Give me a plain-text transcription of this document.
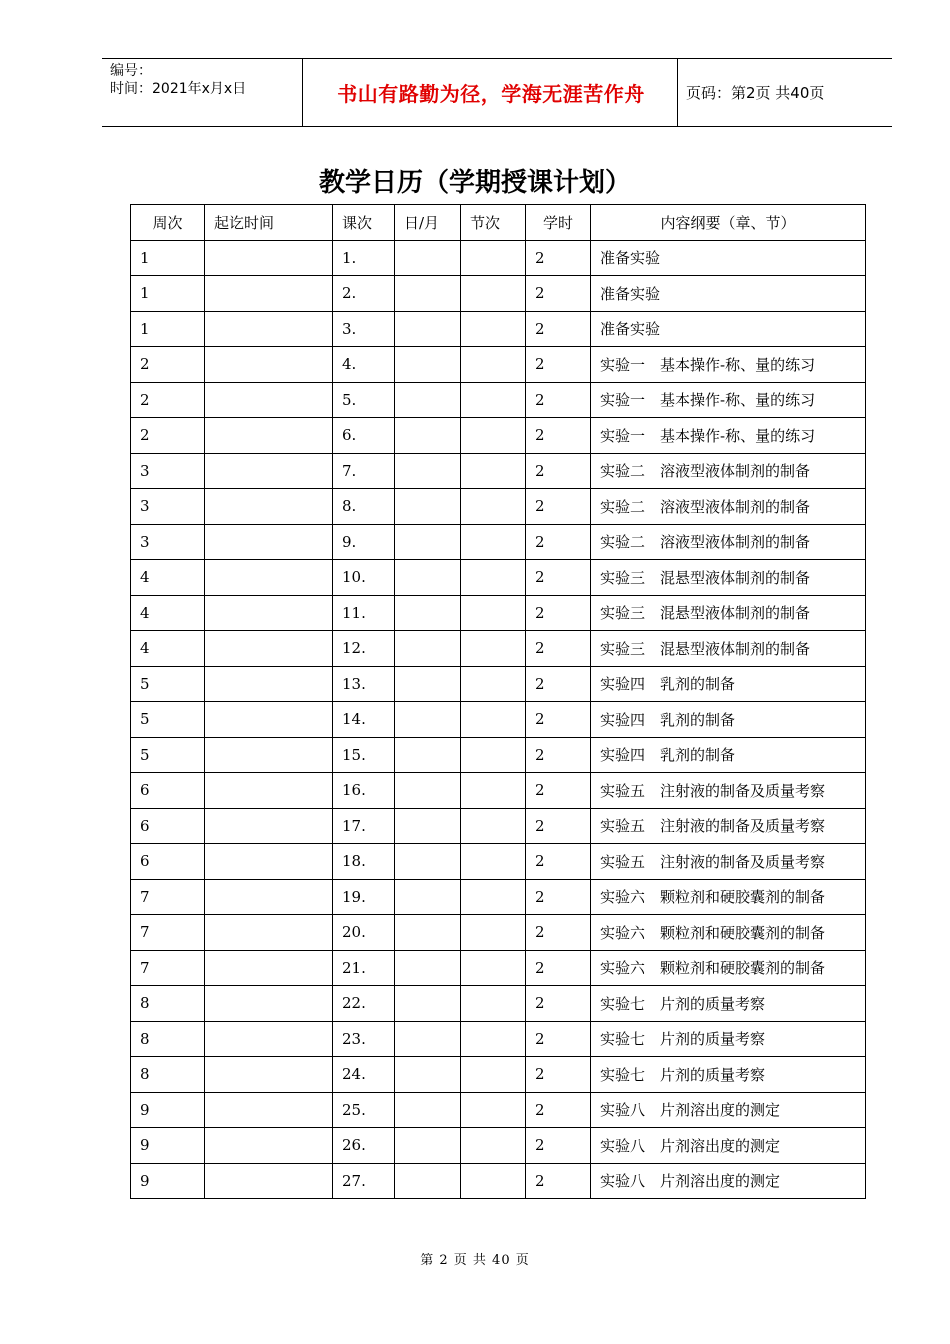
编号：
时间：2021年x月x日	书山有路勤为径，学海无涯苦作舟	页码：第2页 共40页
教学日历（学期授课计划）
周次	起讫时间	课次	日/月	节次	学时	内容纲要（章、节）
1		1.			2	准备实验
1		2.			2	准备实验
1		3.			2	准备实验
2		4.			2	实验一　基本操作-称、量的练习
2		5.			2	实验一　基本操作-称、量的练习
2		6.			2	实验一　基本操作-称、量的练习
3		7.			2	实验二　溶液型液体制剂的制备
3		8.			2	实验二　溶液型液体制剂的制备
3		9.			2	实验二　溶液型液体制剂的制备
4		10.			2	实验三　混悬型液体制剂的制备
4		11.			2	实验三　混悬型液体制剂的制备
4		12.			2	实验三　混悬型液体制剂的制备
5		13.			2	实验四　乳剂的制备
5		14.			2	实验四　乳剂的制备
5		15.			2	实验四　乳剂的制备
6		16.			2	实验五　注射液的制备及质量考察
6		17.			2	实验五　注射液的制备及质量考察
6		18.			2	实验五　注射液的制备及质量考察
7		19.			2	实验六　颗粒剂和硬胶囊剂的制备
7		20.			2	实验六　颗粒剂和硬胶囊剂的制备
7		21.			2	实验六　颗粒剂和硬胶囊剂的制备
8		22.			2	实验七　片剂的质量考察
8		23.			2	实验七　片剂的质量考察
8		24.			2	实验七　片剂的质量考察
9		25.			2	实验八　片剂溶出度的测定
9		26.			2	实验八　片剂溶出度的测定
9		27.			2	实验八　片剂溶出度的测定
第 2 页 共 40 页
